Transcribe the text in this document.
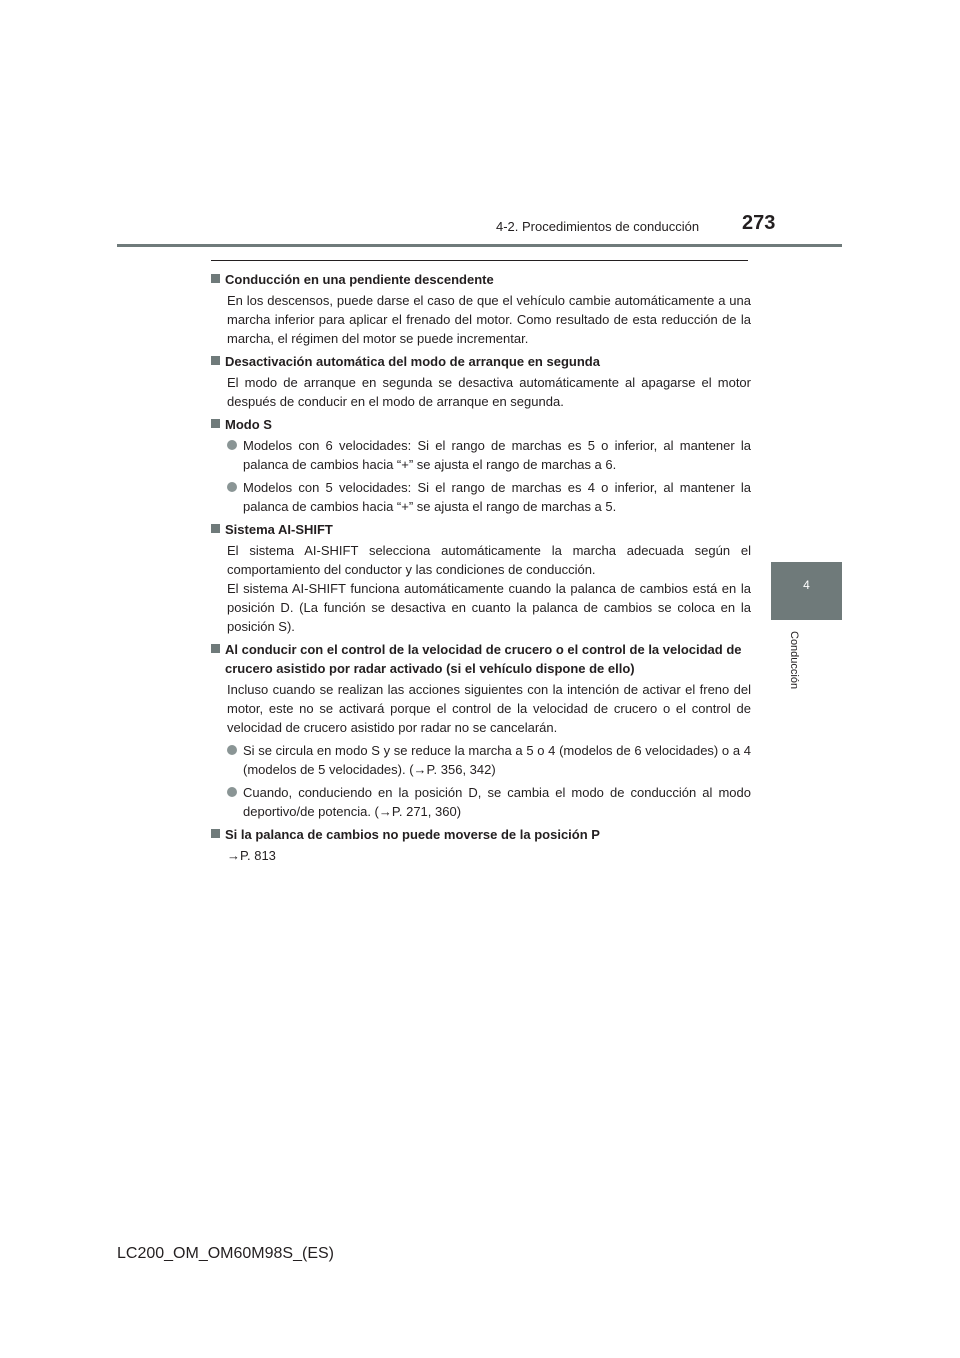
4-2. Procedimientos de conducción 273
4
Conducción
Conducción en una pendiente descendente
En los descensos, puede darse el caso de que el vehículo cambie automáticamente a una marcha inferior para aplicar el frenado del motor. Como resultado de esta reducción de la marcha, el régimen del motor se puede incrementar.
Desactivación automática del modo de arranque en segunda
El modo de arranque en segunda se desactiva automáticamente al apagarse el motor después de conducir en el modo de arranque en segunda.
Modo S
Modelos con 6 velocidades: Si el rango de marchas es 5 o inferior, al mantener la palanca de cambios hacia “+” se ajusta el rango de marchas a 6.
Modelos con 5 velocidades: Si el rango de marchas es 4 o inferior, al mantener la palanca de cambios hacia “+” se ajusta el rango de marchas a 5.
Sistema AI-SHIFT
El sistema AI-SHIFT selecciona automáticamente la marcha adecuada según el comportamiento del conductor y las condiciones de conducción.
El sistema AI-SHIFT funciona automáticamente cuando la palanca de cambios está en la posición D. (La función se desactiva en cuanto la palanca de cambios se coloca en la posición S).
Al conducir con el control de la velocidad de crucero o el control de la velocidad de crucero asistido por radar activado (si el vehículo dispone de ello)
Incluso cuando se realizan las acciones siguientes con la intención de activar el freno del motor, este no se activará porque el control de la velocidad de crucero o el control de velocidad de crucero asistido por radar no se cancelarán.
Si se circula en modo S y se reduce la marcha a 5 o 4 (modelos de 6 velocidades) o a 4 (modelos de 5 velocidades). (→P. 356, 342)
Cuando, conduciendo en la posición D, se cambia el modo de conducción al modo deportivo/de potencia. (→P. 271, 360)
Si la palanca de cambios no puede moverse de la posición P
→P. 813
LC200_OM_OM60M98S_(ES)
